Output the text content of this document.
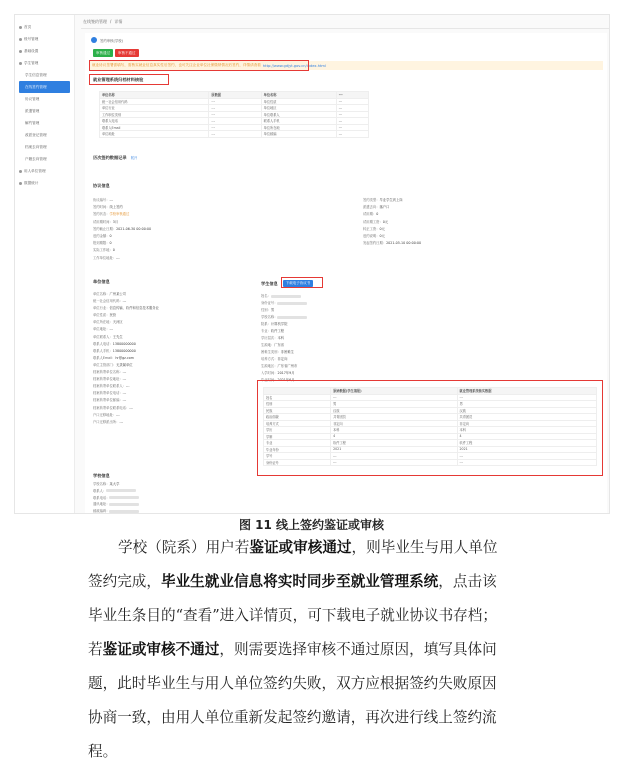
首页
账号管理
基础设置
学生管理
学生信息管理
在线签约管理
协议管理
派遣管理
解约管理
改派登记管理
档案去向管理
户籍去向管理
用人单位管理
数据统计
在线签约管理 / 详情
签约审核(学校)
审核通过	审核不通过
就业协议签署需填写，需核实就业信息真实性后签约，也可关注企业单位社保缴纳情况后签约，详情请查看 http://www.gdjyt.gov.cn/index.html
就业管理系统归档材料核验
单位名称	原数据	单位名称	---
统一社会信用代码	---	单位性质	---
单位行业	---	单位地区	---
工作职位类别	---	单位联系人	---
联系人电话	---	联系人手机	---
联系人Email	---	单位所在地	---
单位地址	---	单位邮编	---
历次签约数据记录 展开
协议信息
协议编号：---
签约时间：线上签约
签约状态：学校审核通过
试用期时间：3月
签约截止日期：2021-06-30 00:00:00
违约金额：0
报到期限：0
实际工作地：0
工作单位地址：---
签约类型：毕业学生到上岗
派遣去向：落户口
试用期：0
试用期工资：0元
转正工资：0元
违约说明：0元
发起签约日期：2021-05-10 00:00:00
单位信息
单位名称：广州某公司
统一社会信用代码：---
单位行业：信息传输、软件和信息技术服务业
单位性质：民营
单位所在地：天河区
单位地址：---
单位联系人：王先生
联系人电话：13800000000
联系人手机：13800000000
联系人Email：hr@gz.com
单位主管部门：无隶属单位
档案转寄单位名称：---
档案转寄单位地址：---
档案转寄单位联系人：---
档案转寄单位电话：---
档案转寄单位邮编：---
档案转寄单位联系电话：---
户口迁移地址：---
户口迁移派出所：---
学生信息	下载电子协议书
姓名：
身份证号：
性别：男
学校名称：
院系：计算机学院
专业：软件工程
学历层次：本科
生源地：广东省
困难生类别：非困难生
培养方式：非定向
生源地区：广东省广州市
入学时间：2017年9月
毕业时间：2021年6月
	原始数据(学生填报)	就业管理系统核实数据
姓名	---	---
性别	男	男
民族	汉族	汉族
政治面貌	共青团员	共青团员
培养方式	非定向	非定向
学历	本科	本科
学制	4	4
专业	软件工程	软件工程
毕业年份	2021	2021
学号	---	---
身份证号	---	---
学校信息
学校名称：某大学
联系人：
联系电话：
通讯地址：
邮政编码：
图 11 线上签约鉴证或审核
学校（院系）用户若鉴证或审核通过，则毕业生与用人单位
签约完成，毕业生就业信息将实时同步至就业管理系统，点击该
毕业生条目的“查看”进入详情页，可下载电子就业协议书存档；
若鉴证或审核不通过，则需要选择审核不通过原因，填写具体问
题，此时毕业生与用人单位签约失败，双方应根据签约失败原因
协商一致，由用人单位重新发起签约邀请，再次进行线上签约流
程。
